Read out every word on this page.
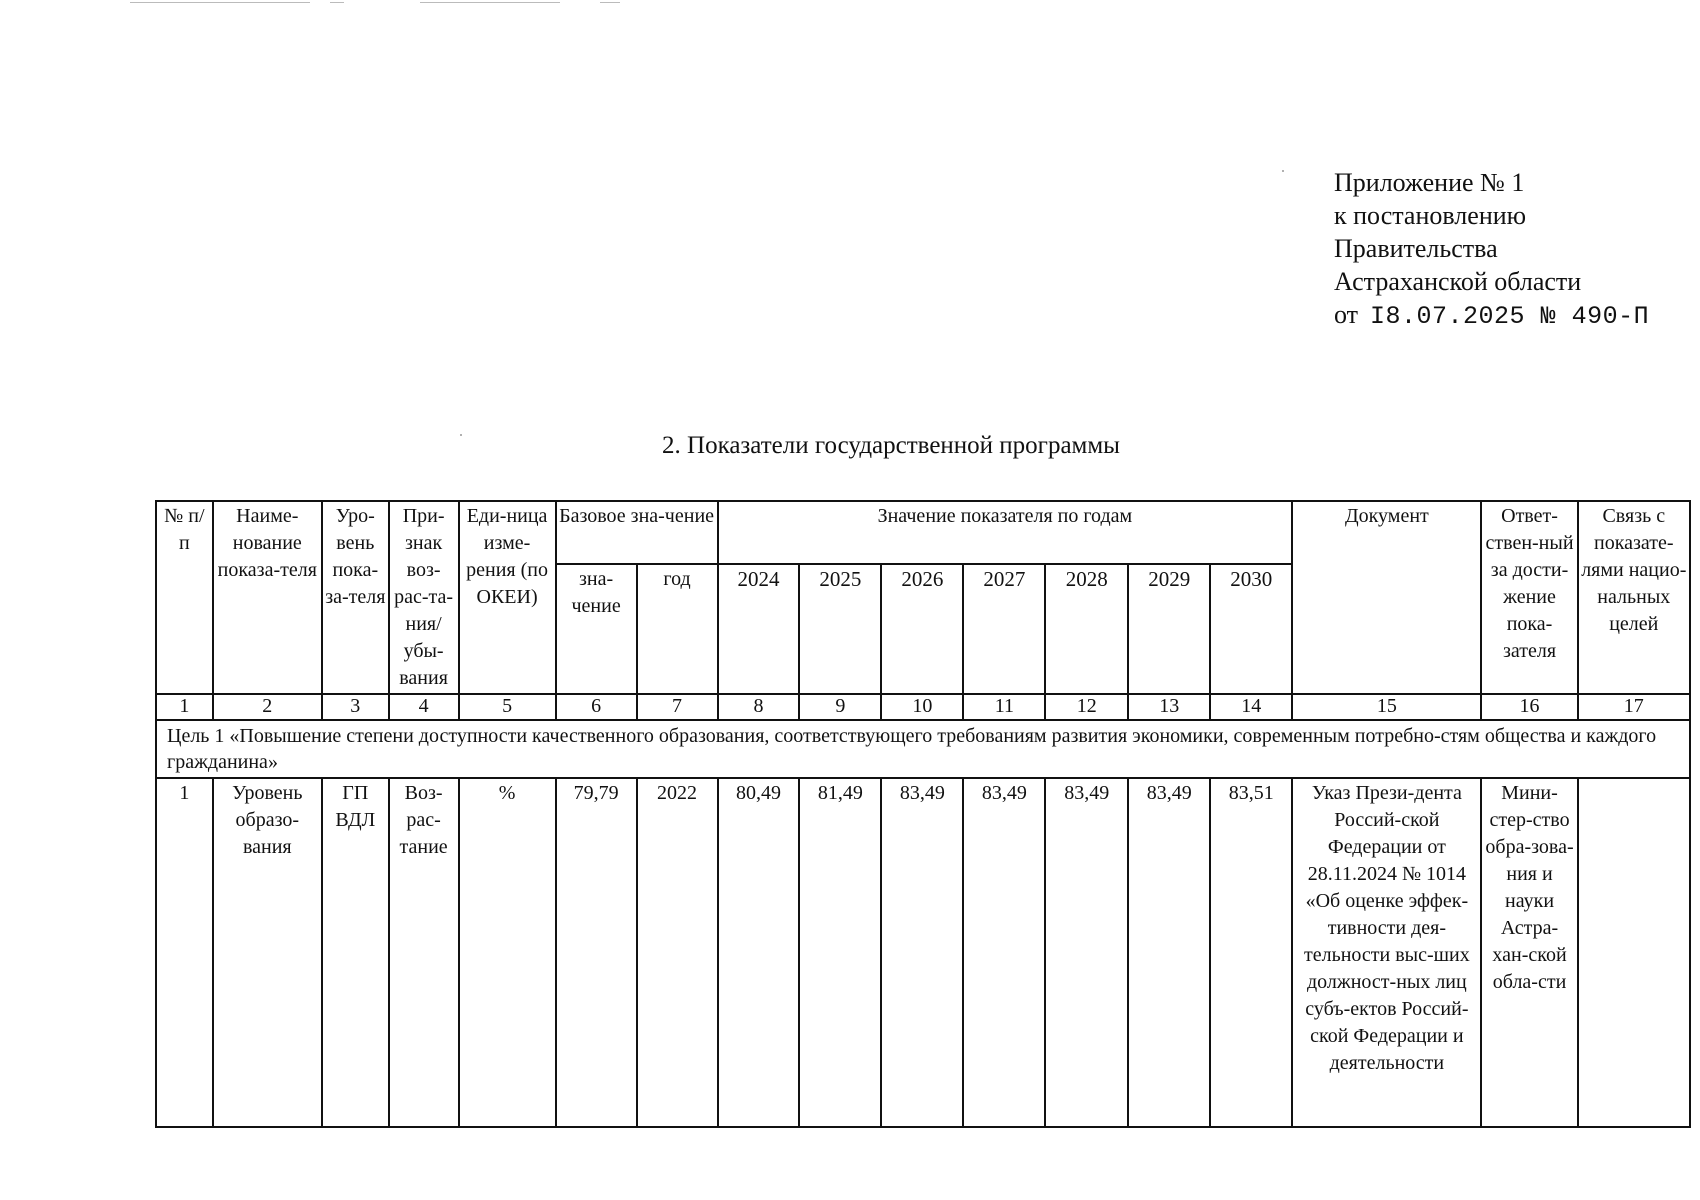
Приложение № 1
к постановлению
Правительства
Астраханской области
от I8.07.2025 № 490-П
2. Показатели государственной программы
№ п/п	Наиме-нование показа-теля	Уро-вень пока-за-теля	При-знак воз-рас-та-ния/ убы-вания	Еди-ница изме-рения (по ОКЕИ)	Базовое зна-чение		Значение показателя по годам							Документ	Ответ-ствен-ный за дости-жение пока-зателя	Связь с показате-лями нацио-нальных целей
					зна-чение	год	2024	2025	2026	2027	2028	2029	2030			
1	2	3	4	5	6	7	8	9	10	11	12	13	14	15	16	17
Цель 1 «Повышение степени доступности качественного образования, соответствующего требованиям развития экономики, современным потребно-стям общества и каждого гражданина»																
1	Уровень образо-вания	ГП ВДЛ	Воз-рас-тание	%	79,79	2022	80,49	81,49	83,49	83,49	83,49	83,49	83,51	Указ Прези-дента Россий-ской Федерации от 28.11.2024 № 1014 «Об оценке эффек-тивности дея-тельности выс-ших должност-ных лиц субъ-ектов Россий-ской Федерации и деятельности	Мини-стер-ство обра-зова-ния и науки Астра-хан-ской обла-сти	
